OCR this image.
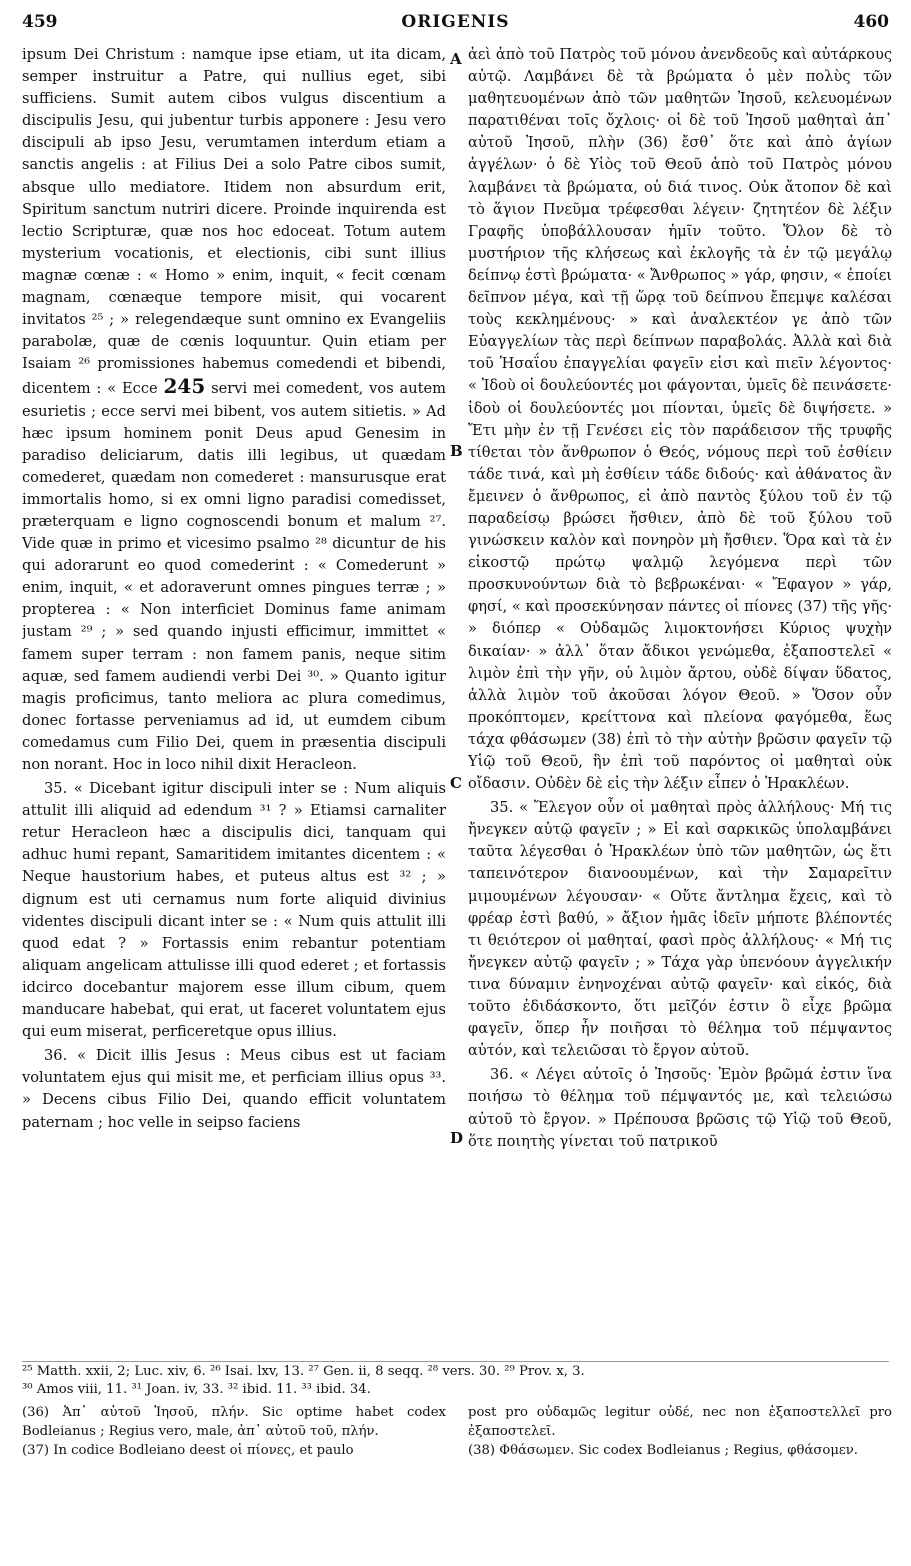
459	ORIGENIS	460

ipsum Dei Christum : namque ipse etiam, ut ita dicam, semper instruitur a Patre, qui nullius eget, sibi sufficiens. Sumit autem cibos vulgus discentium a discipulis Jesu, qui jubentur turbis apponere : Jesu vero discipuli ab ipso Jesu, verumtamen interdum etiam a sanctis angelis : at Filius Dei a solo Patre cibos sumit, absque ullo mediatore. Itidem non absurdum erit, Spiritum sanctum nutriri dicere. Proinde inquirenda est lectio Scripturæ, quæ nos hoc edoceat. Totum autem mysterium vocationis, et electionis, cibi sunt illius magnæ cœnæ : « Homo » enim, inquit, « fecit cœnam magnam, cœnæque tempore misit, qui vocarent invitatos ²⁵ ; » relegendæque sunt omnino ex Evangeliis parabolæ, quæ de cœnis loquuntur. Quin etiam per Isaiam ²⁶ promissiones habemus comedendi et bibendi, dicentem : « Ecce 245 servi mei comedent, vos autem esurietis ; ecce servi mei bibent, vos autem sitietis. » Ad hæc ipsum hominem ponit Deus apud Genesim in paradiso deliciarum, datis illi legibus, ut quædam comederet, quædam non comederet : mansurusque erat immortalis homo, si ex omni ligno paradisi comedisset, præterquam e ligno cognoscendi bonum et malum ²⁷. Vide quæ in primo et vicesimo psalmo ²⁸ dicuntur de his qui adorarunt eo quod comederint : « Comederunt » enim, inquit, « et adoraverunt omnes pingues terræ ; » propterea : « Non interficiet Dominus fame animam justam ²⁹ ; » sed quando injusti efficimur, immittet « famem super terram : non famem panis, neque sitim aquæ, sed famem audiendi verbi Dei ³⁰. » Quanto igitur magis proficimus, tanto meliora ac plura comedimus, donec fortasse perveniamus ad id, ut eumdem cibum comedamus cum Filio Dei, quem in præsentia discipuli non norant. Hoc in loco nihil dixit Heracleon.

35. « Dicebant igitur discipuli inter se : Num aliquis attulit illi aliquid ad edendum ³¹ ? » Etiamsi carnaliter retur Heracleon hæc a discipulis dici, tanquam qui adhuc humi repant, Samaritidem imitantes dicentem : « Neque haustorium habes, et puteus altus est ³² ; » dignum est uti cernamus num forte aliquid divinius videntes discipuli dicant inter se : « Num quis attulit illi quod edat ? » Fortassis enim rebantur potentiam aliquam angelicam attulisse illi quod ederet ; et fortassis idcirco docebantur majorem esse illum cibum, quem manducare habebat, qui erat, ut faceret voluntatem ejus qui eum miserat, perficeretque opus illius.

36. « Dicit illis Jesus : Meus cibus est ut faciam voluntatem ejus qui misit me, et perficiam illius opus ³³. » Decens cibus Filio Dei, quando efficit voluntatem paternam ; hoc velle in seipso faciens

A
B
C
D

ἀεὶ ἀπὸ τοῦ Πατρὸς τοῦ μόνου ἀνενδεοῦς καὶ αὐτάρκους αὐτῷ. Λαμβάνει δὲ τὰ βρώματα ὁ μὲν πολὺς τῶν μαθητευομένων ἀπὸ τῶν μαθητῶν Ἰησοῦ, κελευομένων παρατιθέναι τοῖς ὄχλοις· οἱ δὲ τοῦ Ἰησοῦ μαθηταὶ ἀπ᾽ αὐτοῦ Ἰησοῦ, πλὴν (36) ἔσθ᾽ ὅτε καὶ ἀπὸ ἁγίων ἀγγέλων· ὁ δὲ Υἱὸς τοῦ Θεοῦ ἀπὸ τοῦ Πατρὸς μόνου λαμβάνει τὰ βρώματα, οὐ διά τινος. Οὐκ ἄτοπον δὲ καὶ τὸ ἅγιον Πνεῦμα τρέφεσθαι λέγειν· ζητητέον δὲ λέξιν Γραφῆς ὑποβάλλουσαν ἡμῖν τοῦτο. Ὅλον δὲ τὸ μυστήριον τῆς κλήσεως καὶ ἐκλογῆς τὰ ἐν τῷ μεγάλῳ δείπνῳ ἐστὶ βρώματα· « Ἄνθρωπος » γάρ, φησιν, « ἐποίει δεῖπνον μέγα, καὶ τῇ ὥρᾳ τοῦ δείπνου ἔπεμψε καλέσαι τοὺς κεκλημένους· » καὶ ἀναλεκτέον γε ἀπὸ τῶν Εὐαγγελίων τὰς περὶ δείπνων παραβολάς. Ἀλλὰ καὶ διὰ τοῦ Ἡσαΐου ἐπαγγελίαι φαγεῖν εἰσι καὶ πιεῖν λέγοντος· « Ἰδοὺ οἱ δουλεύοντές μοι φάγονται, ὑμεῖς δὲ πεινάσετε· ἰδοὺ οἱ δουλεύοντές μοι πίονται, ὑμεῖς δὲ διψήσετε. » Ἔτι μὴν ἐν τῇ Γενέσει εἰς τὸν παράδεισον τῆς τρυφῆς τίθεται τὸν ἄνθρωπον ὁ Θεός, νόμους περὶ τοῦ ἐσθίειν τάδε τινά, καὶ μὴ ἐσθίειν τάδε διδούς· καὶ ἀθάνατος ἂν ἔμεινεν ὁ ἄνθρωπος, εἰ ἀπὸ παντὸς ξύλου τοῦ ἐν τῷ παραδείσῳ βρώσει ἤσθιεν, ἀπὸ δὲ τοῦ ξύλου τοῦ γινώσκειν καλὸν καὶ πονηρὸν μὴ ἤσθιεν. Ὅρα καὶ τὰ ἐν εἰκοστῷ πρώτῳ ψαλμῷ λεγόμενα περὶ τῶν προσκυνούντων διὰ τὸ βεβρωκέναι· « Ἔφαγον » γάρ, φησί, « καὶ προσεκύνησαν πάντες οἱ πίονες (37) τῆς γῆς· » διόπερ « Οὐδαμῶς λιμοκτονήσει Κύριος ψυχὴν δικαίαν· » ἀλλ᾽ ὅταν ἄδικοι γενώμεθα, ἐξαποστελεῖ « λιμὸν ἐπὶ τὴν γῆν, οὐ λιμὸν ἄρτου, οὐδὲ δίψαν ὕδατος, ἀλλὰ λιμὸν τοῦ ἀκοῦσαι λόγον Θεοῦ. » Ὅσον οὖν προκόπτομεν, κρείττονα καὶ πλείονα φαγόμεθα, ἕως τάχα φθάσωμεν (38) ἐπὶ τὸ τὴν αὐτὴν βρῶσιν φαγεῖν τῷ Υἱῷ τοῦ Θεοῦ, ἣν ἐπὶ τοῦ παρόντος οἱ μαθηταὶ οὐκ οἴδασιν. Οὐδὲν δὲ εἰς τὴν λέξιν εἶπεν ὁ Ἡρακλέων.

35. « Ἔλεγον οὖν οἱ μαθηταὶ πρὸς ἀλλήλους· Μή τις ἤνεγκεν αὐτῷ φαγεῖν ; » Εἰ καὶ σαρκικῶς ὑπολαμβάνει ταῦτα λέγεσθαι ὁ Ἡρακλέων ὑπὸ τῶν μαθητῶν, ὡς ἔτι ταπεινότερον διανοουμένων, καὶ τὴν Σαμαρεῖτιν μιμουμένων λέγουσαν· « Οὔτε ἄντλημα ἔχεις, καὶ τὸ φρέαρ ἐστὶ βαθύ, » ἄξιον ἡμᾶς ἰδεῖν μήποτε βλέποντές τι θειότερον οἱ μαθηταί, φασὶ πρὸς ἀλλήλους· « Μή τις ἤνεγκεν αὐτῷ φαγεῖν ; » Τάχα γὰρ ὑπενόουν ἀγγελικήν τινα δύναμιν ἐνηνοχέναι αὐτῷ φαγεῖν· καὶ εἰκός, διὰ τοῦτο ἐδιδάσκοντο, ὅτι μεῖζόν ἐστιν ὃ εἶχε βρῶμα φαγεῖν, ὅπερ ἦν ποιῆσαι τὸ θέλημα τοῦ πέμψαντος αὐτόν, καὶ τελειῶσαι τὸ ἔργον αὐτοῦ.

36. « Λέγει αὐτοῖς ὁ Ἰησοῦς· Ἐμὸν βρῶμά ἐστιν ἵνα ποιήσω τὸ θέλημα τοῦ πέμψαντός με, καὶ τελειώσω αὐτοῦ τὸ ἔργον. » Πρέπουσα βρῶσις τῷ Υἱῷ τοῦ Θεοῦ, ὅτε ποιητὴς γίνεται τοῦ πατρικοῦ

²⁵ Matth. xxii, 2; Luc. xiv, 6. ²⁶ Isai. lxv, 13. ²⁷ Gen. ii, 8 seqq. ²⁸ vers. 30. ²⁹ Prov. x, 3.
³⁰ Amos viii, 11. ³¹ Joan. iv, 33. ³² ibid. 11. ³³ ibid. 34.

(36) Ἀπ᾽ αὐτοῦ Ἰησοῦ, πλήν. Sic optime habet codex Bodleianus ; Regius vero, male, ἀπ᾽ αὐτοῦ τοῦ, πλήν.

(37) In codice Bodleiano deest οἱ πίονες, et paulo

post pro οὐδαμῶς legitur οὐδέ, nec non ἐξαποστελλεῖ pro ἐξαποστελεῖ.

(38) Φθάσωμεν. Sic codex Bodleianus ; Regius, φθάσομεν.
